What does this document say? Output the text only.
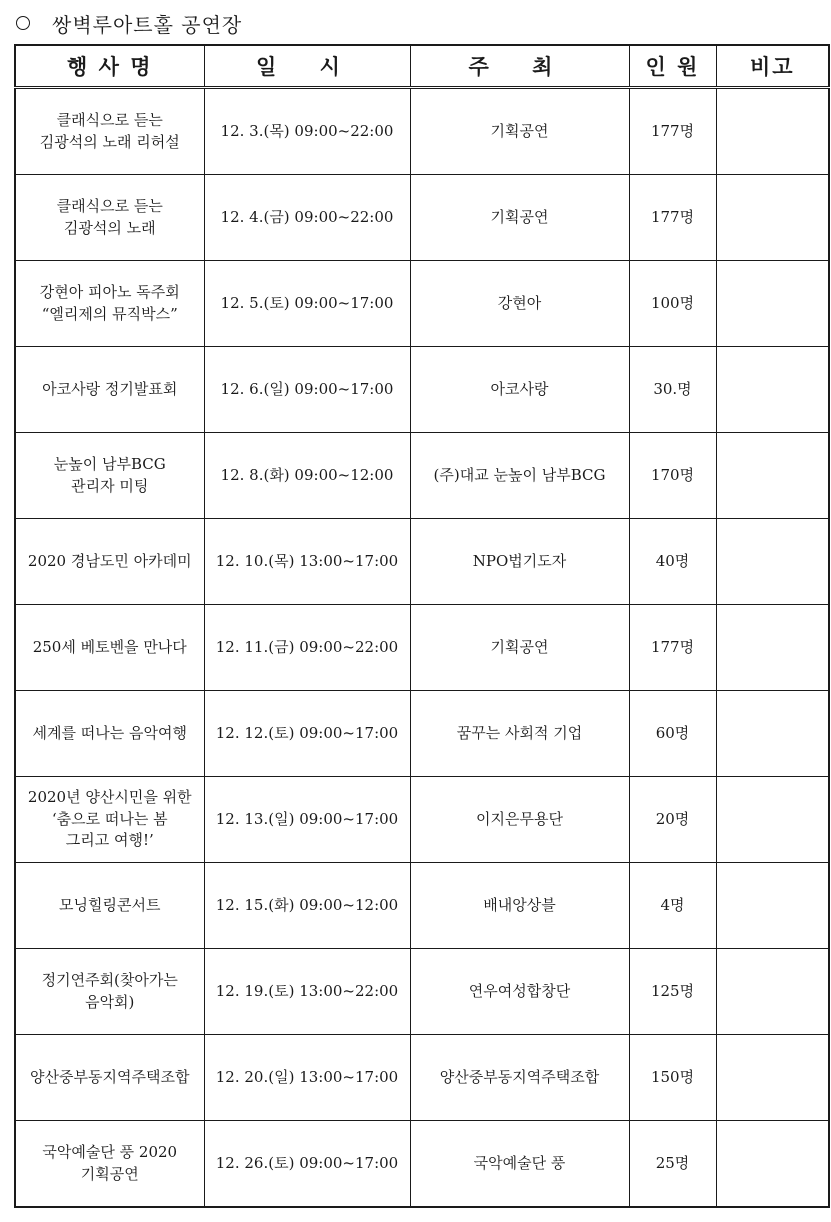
쌍벽루아트홀 공연장
행 사 명	일 시	주 최	인 원	비고
클래식으로 듣는
김광석의 노래 리허설	12. 3.(목) 09:00~22:00	기획공연	177명	
클래식으로 듣는
김광석의 노래	12. 4.(금) 09:00~22:00	기획공연	177명	
강현아 피아노 독주회
“엘리제의 뮤직박스”	12. 5.(토) 09:00~17:00	강현아	100명	
아코사랑 정기발표회	12. 6.(일) 09:00~17:00	아코사랑	30.명	
눈높이 남부BCG
관리자 미팅	12. 8.(화) 09:00~12:00	(주)대교 눈높이 남부BCG	170명	
2020 경남도민 아카데미	12. 10.(목) 13:00~17:00	NPO법기도자	40명	
250세 베토벤을 만나다	12. 11.(금) 09:00~22:00	기획공연	177명	
세계를 떠나는 음악여행	12. 12.(토) 09:00~17:00	꿈꾸는 사회적 기업	60명	
2020년 양산시민을 위한
‘춤으로 떠나는 봄
그리고 여행!’	12. 13.(일) 09:00~17:00	이지은무용단	20명	
모닝힐링콘서트	12. 15.(화) 09:00~12:00	배내앙상블	4명	
정기연주회(찾아가는
음악회)	12. 19.(토) 13:00~22:00	연우여성합창단	125명	
양산중부동지역주택조합	12. 20.(일) 13:00~17:00	양산중부동지역주택조합	150명	
국악예술단 풍 2020
기획공연	12. 26.(토) 09:00~17:00	국악예술단 풍	25명	
